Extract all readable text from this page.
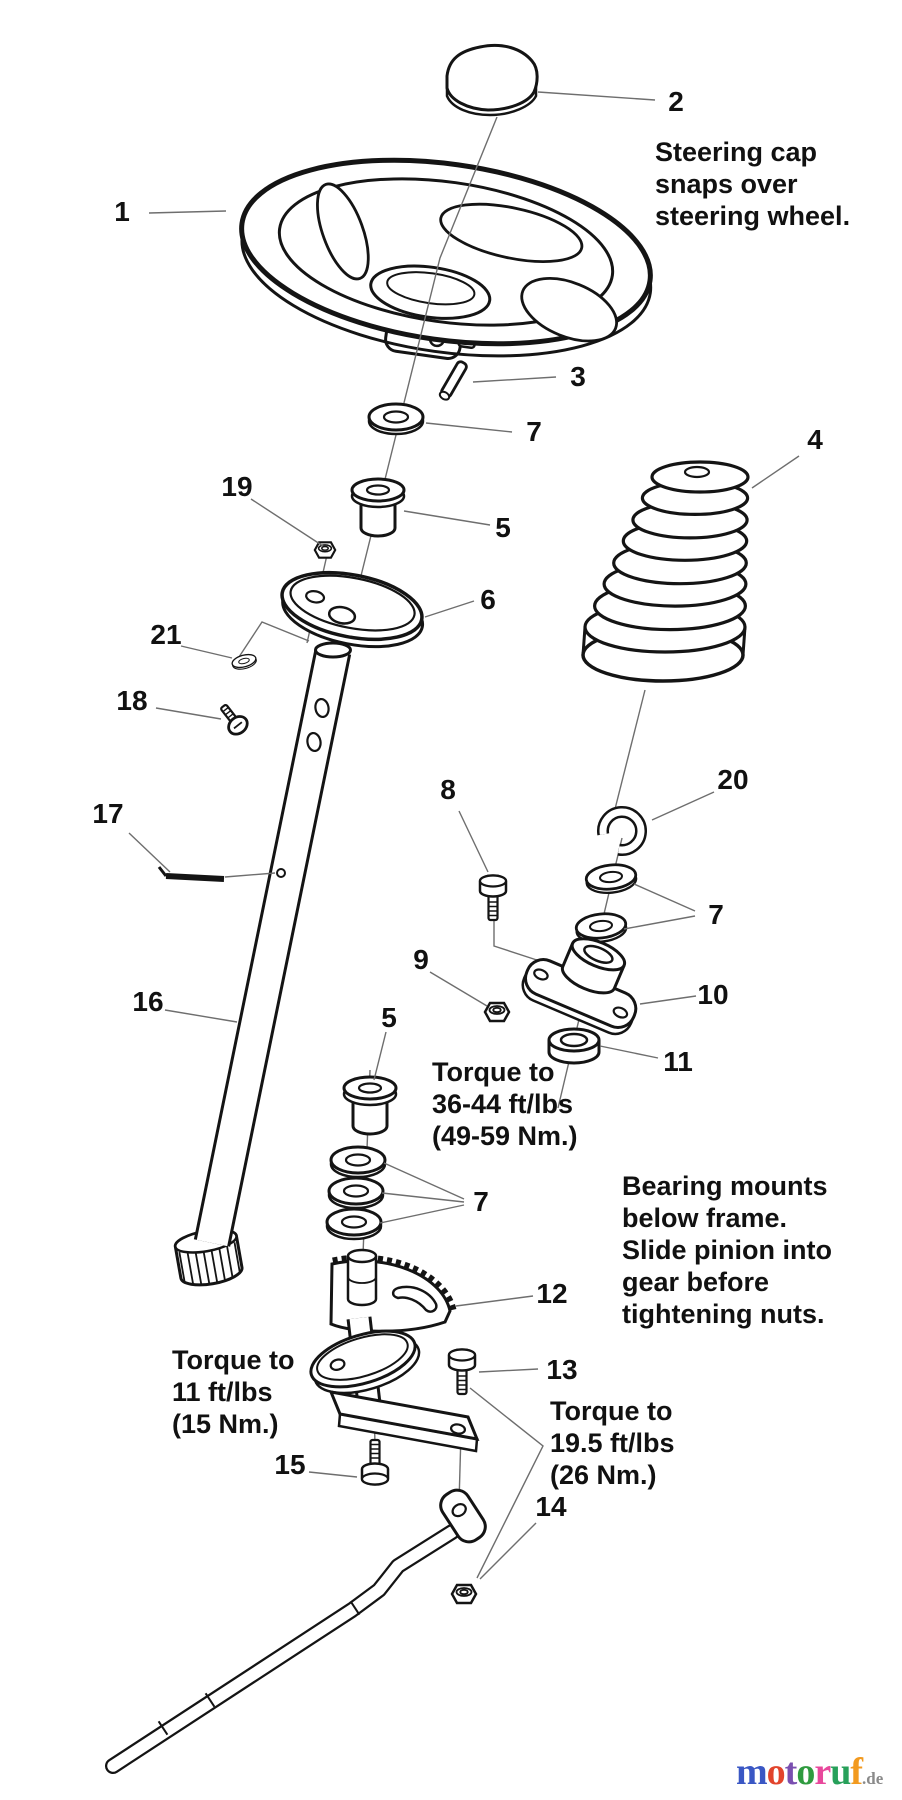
1
2
3
7	4
19
5
6
21
18
8	20
17
7
9
10
16
5
11
7
12
13
15
14
Steering cap
snaps over
steering wheel.
Torque to
36-44 ft/lbs
(49-59 Nm.)
Bearing mounts
below frame.
Slide pinion into
gear before
tightening nuts.
Torque to
11 ft/lbs
(15 Nm.)	Torque to
19.5 ft/lbs
(26 Nm.)
motoruf.de
